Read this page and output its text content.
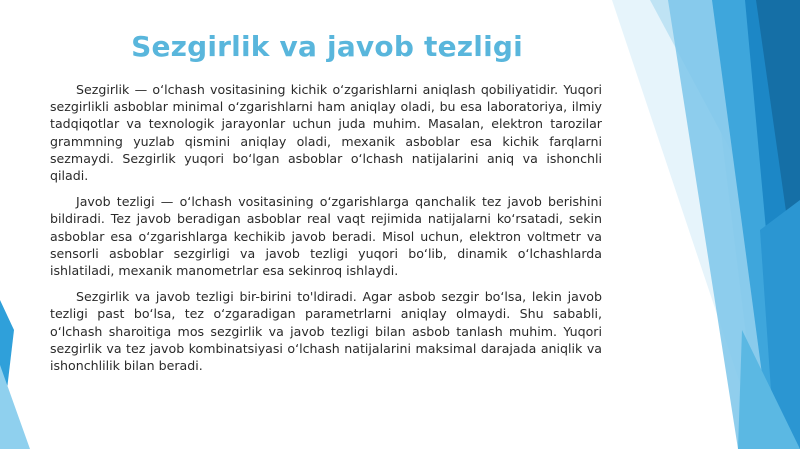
Sezgirlik va javob tezligi

Sezgirlik — o‘lchash vositasining kichik o‘zgarishlarni aniqlash qobiliyatidir. Yuqori sezgirlikli asboblar minimal o‘zgarishlarni ham aniqlay oladi, bu esa laboratoriya, ilmiy tadqiqotlar va texnologik jarayonlar uchun juda muhim. Masalan, elektron tarozilar grammning yuzlab qismini aniqlay oladi, mexanik asboblar esa kichik farqlarni sezmaydi. Sezgirlik yuqori bo‘lgan asboblar o‘lchash natijalarini aniq va ishonchli qiladi.

Javob tezligi — o‘lchash vositasining o‘zgarishlarga qanchalik tez javob berishini bildiradi. Tez javob beradigan asboblar real vaqt rejimida natijalarni ko‘rsatadi, sekin asboblar esa o‘zgarishlarga kechikib javob beradi. Misol uchun, elektron voltmetr va sensorli asboblar sezgirligi va javob tezligi yuqori bo‘lib, dinamik o‘lchashlarda ishlatiladi, mexanik manometrlar esa sekinroq ishlaydi.

Sezgirlik va javob tezligi bir-birini to'ldiradi. Agar asbob sezgir bo‘lsa, lekin javob tezligi past bo‘lsa, tez o‘zgaradigan parametrlarni aniqlay olmaydi. Shu sababli, o‘lchash sharoitiga mos sezgirlik va javob tezligi bilan asbob tanlash muhim. Yuqori sezgirlik va tez javob kombinatsiyasi o‘lchash natijalarini maksimal darajada aniqlik va ishonchlilik bilan beradi.
